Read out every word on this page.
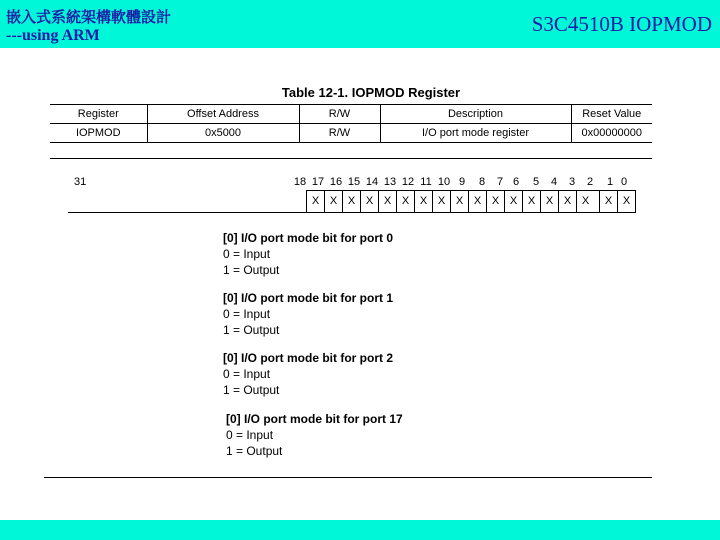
嵌入式系統架構軟體設計
---using ARM	S3C4510B IOPMOD
Table 12-1. IOPMOD Register
Register	Offset Address	R/W	Description	Reset Value
IOPMOD	0x5000	R/W	I/O port mode register	0x00000000
31	18 17 16 15 14 13 12 11 10 9 8 7 6 5 4 3 2 1 0
X X X X X X X X X X X X X X X X	X X
[0] I/O port mode bit for port 0
0 = Input
1 = Output
[0] I/O port mode bit for port 1
0 = Input
1 = Output
[0] I/O port mode bit for port 2
0 = Input
1 = Output
[0] I/O port mode bit for port 17
0 = Input
1 = Output
